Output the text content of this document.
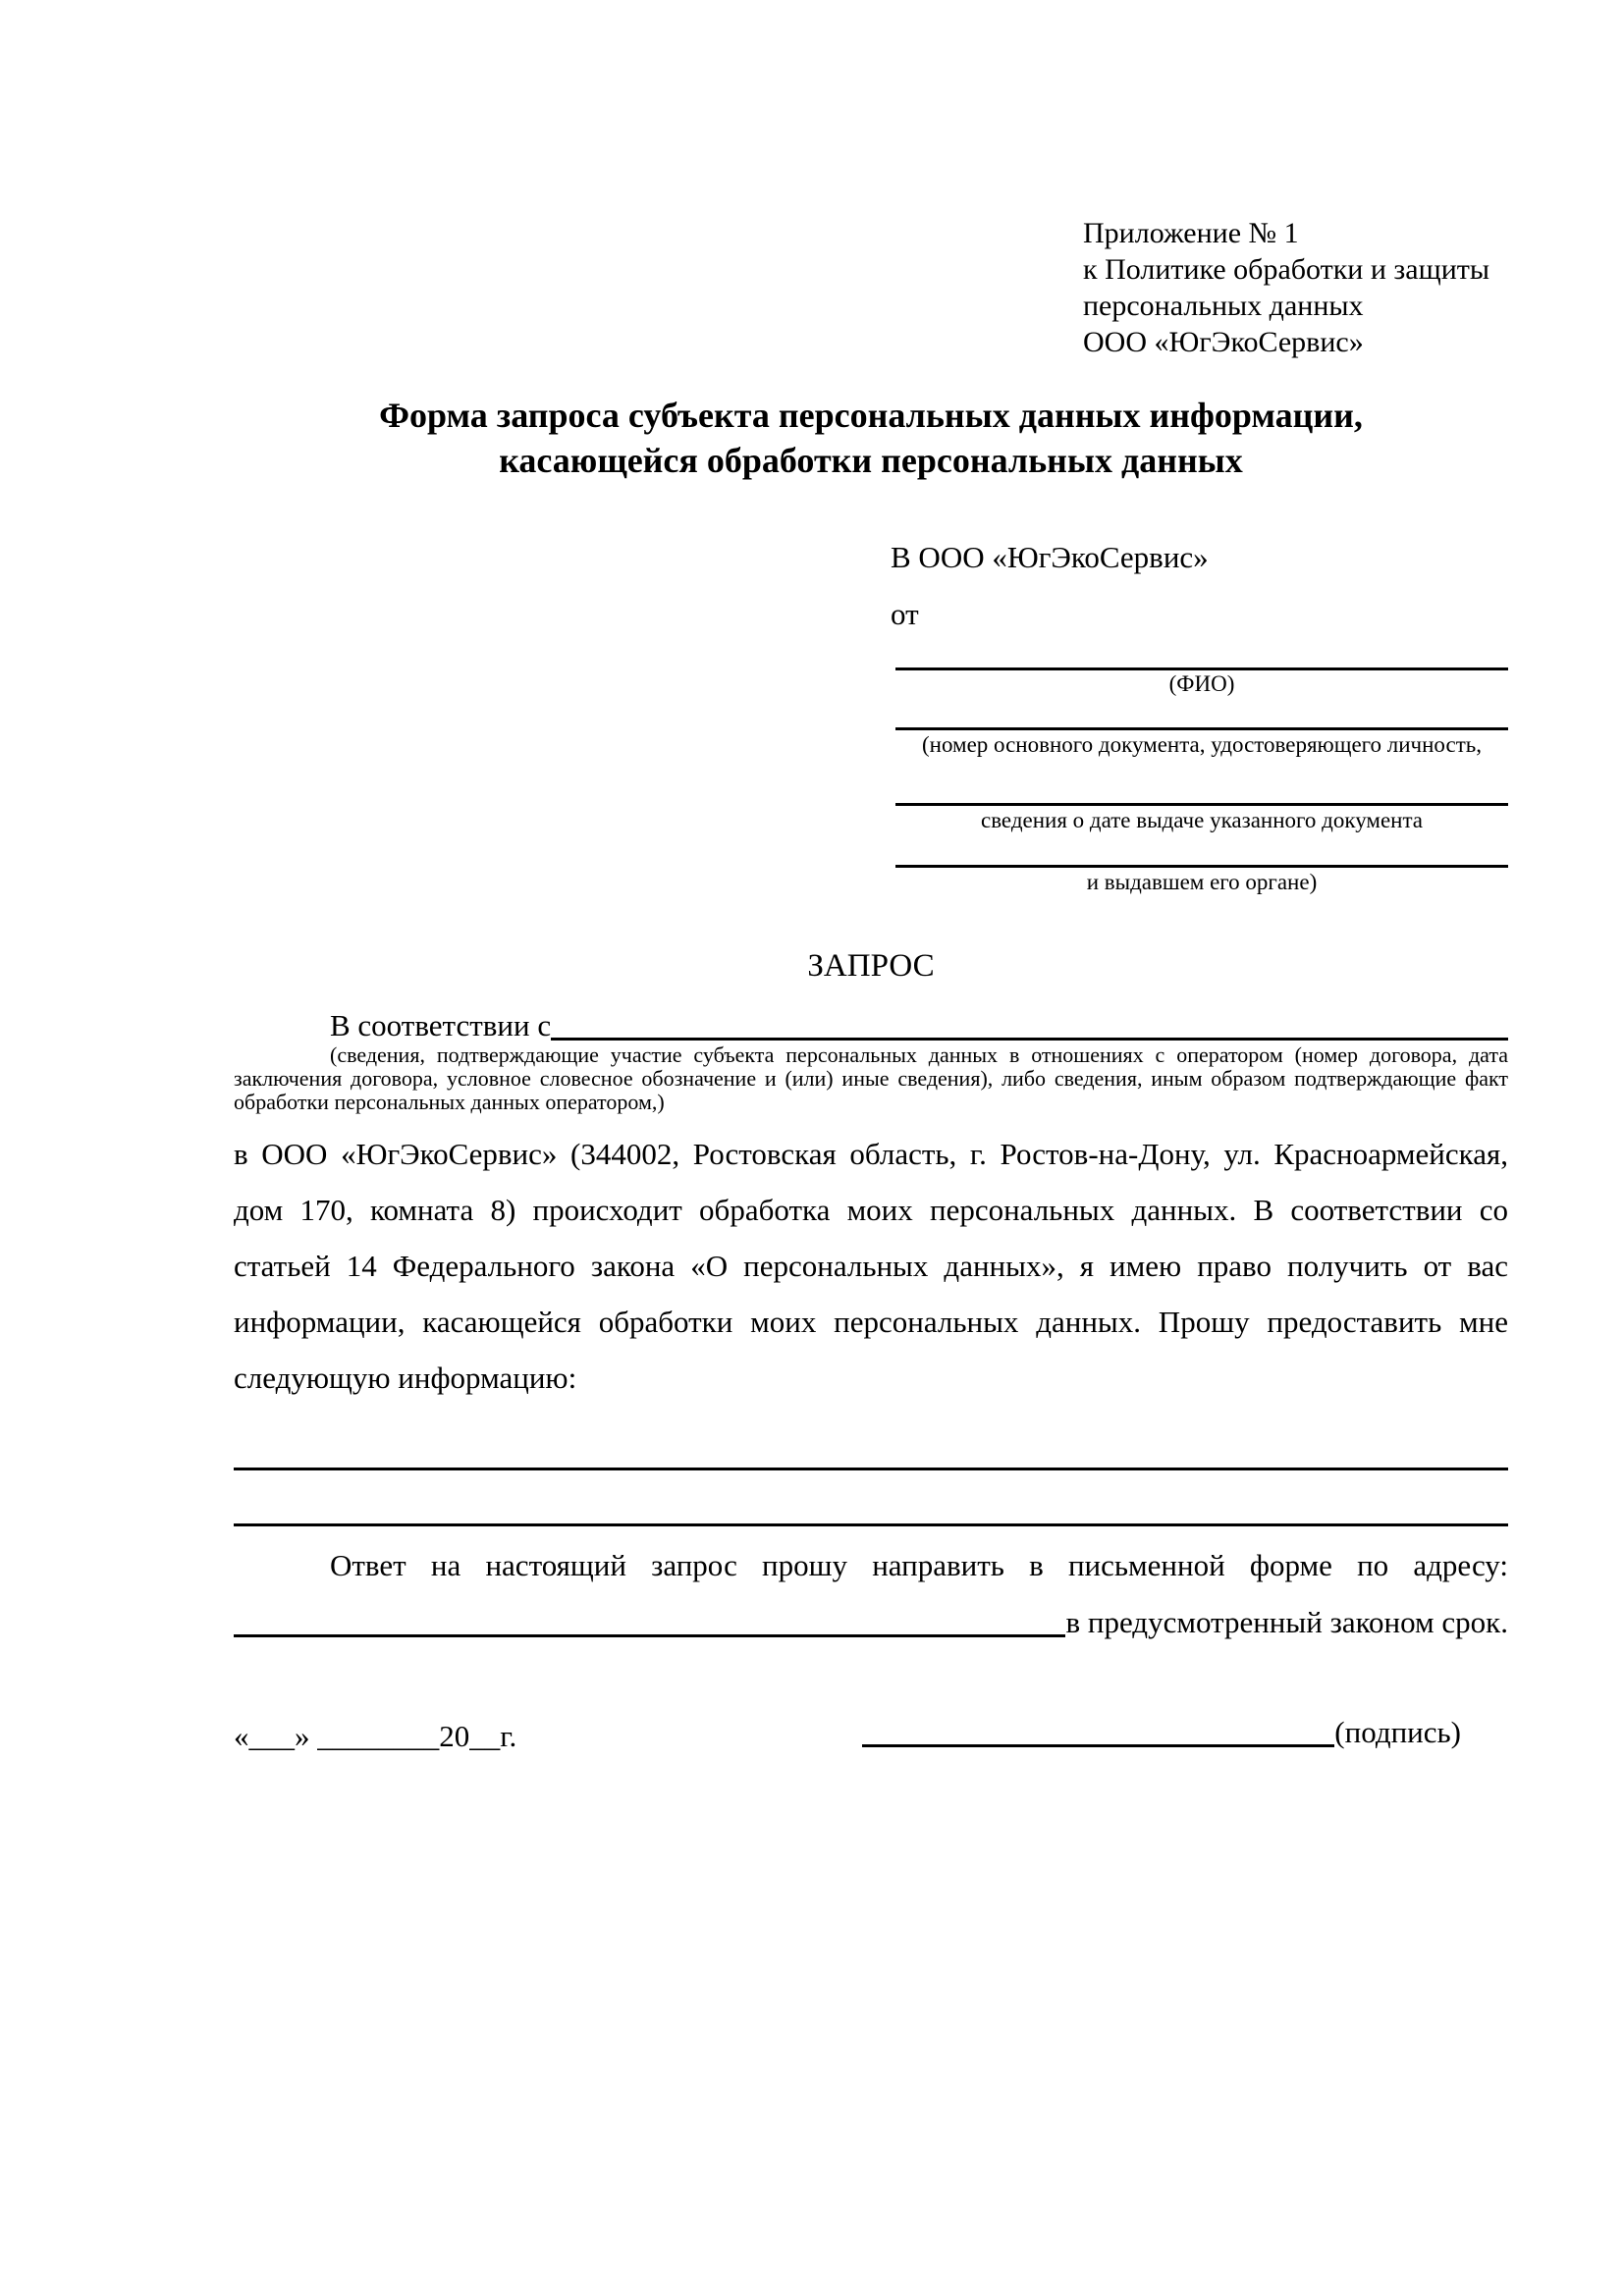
Приложение № 1
к Политике обработки и защиты
персональных данных
ООО «ЮгЭкоСервис»
Форма запроса субъекта персональных данных информации,
касающейся обработки персональных данных
В ООО «ЮгЭкоСервис»
от
(ФИО)
(номер основного документа, удостоверяющего личность,
сведения о дате выдаче указанного документа
и выдавшем его органе)
ЗАПРОС
В соответствии с
(сведения, подтверждающие участие субъекта персональных данных в отношениях с оператором (номер договора, дата заключения договора, условное словесное обозначение и (или) иные сведения), либо сведения, иным образом подтверждающие факт обработки персональных данных оператором,)
в ООО «ЮгЭкоСервис» (344002, Ростовская область, г. Ростов-на-Дону, ул. Красноармейская, дом 170, комната 8) происходит обработка моих персональных данных. В соответствии со статьей 14 Федерального закона «О персональных данных», я имею право получить от вас информации, касающейся обработки моих персональных данных. Прошу предоставить мне следующую информацию:
Ответ на настоящий запрос прошу направить в письменной форме по адресу:
в предусмотренный законом срок.
«___» ________20__г.	(подпись)
